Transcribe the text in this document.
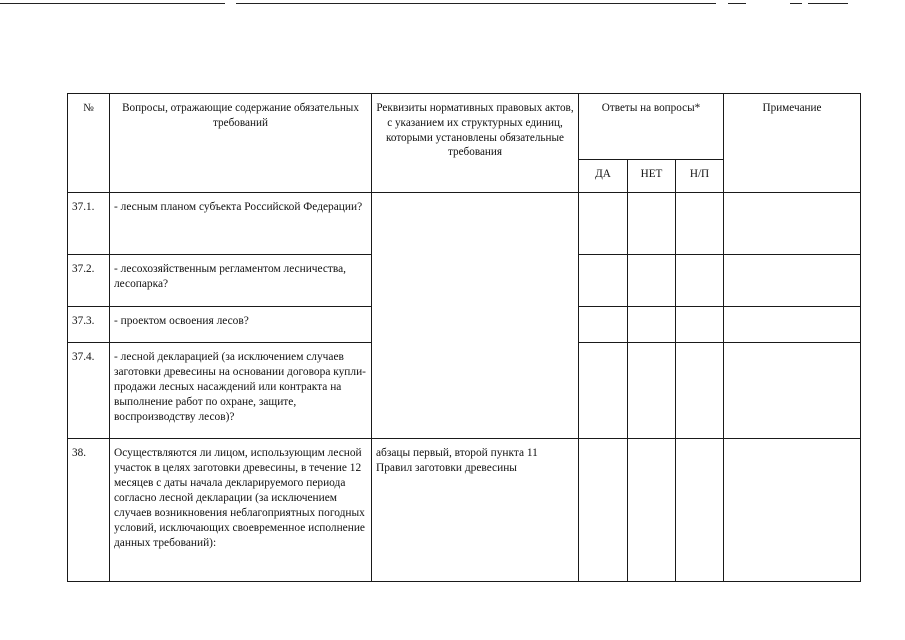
№	Вопросы, отражающие содержание обязательных требований	Реквизиты нормативных правовых актов, с указанием их структурных единиц, которыми установлены обязательные требования	Ответы на вопросы*			Примечание
			ДА	НЕТ	Н/П	
37.1.	- лесным планом субъекта Российской Федерации?					
37.2.	- лесохозяйственным регламентом лесничества, лесопарка?					
37.3.	- проектом освоения лесов?					
37.4.	- лесной декларацией (за исключением случаев заготовки древесины на основании договора купли-продажи лесных насаждений или контракта на выполнение работ по охране, защите, воспроизводству лесов)?					
38.	Осуществляются ли лицом, использующим лесной участок в целях заготовки древесины, в течение 12 месяцев с даты начала декларируемого периода согласно лесной декларации (за исключением случаев возникновения неблагоприятных погодных условий, исключающих своевременное исполнение данных требований):	абзацы первый, второй пункта 11 Правил заготовки древесины				
